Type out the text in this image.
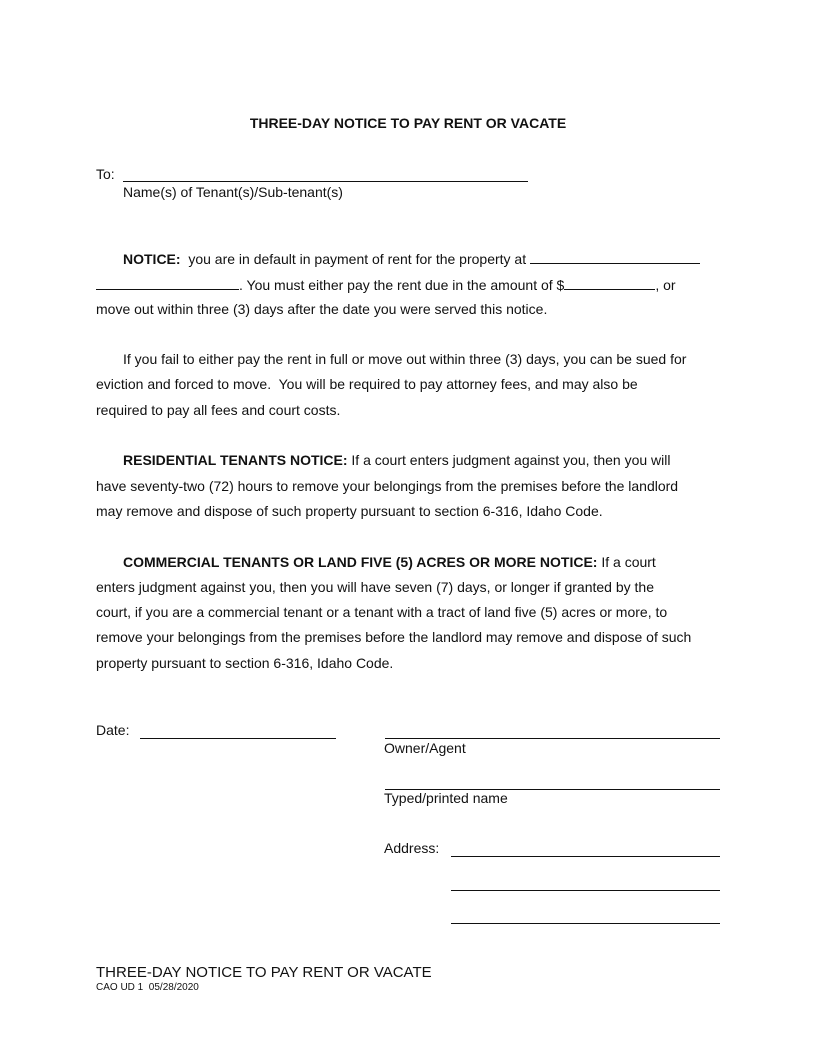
THREE-DAY NOTICE TO PAY RENT OR VACATE
To:
Name(s) of Tenant(s)/Sub-tenant(s)
NOTICE:  you are in default in payment of rent for the property at
. You must either pay the rent due in the amount of $	, or
move out within three (3) days after the date you were served this notice.
If you fail to either pay the rent in full or move out within three (3) days, you can be sued for
eviction and forced to move.  You will be required to pay attorney fees, and may also be
required to pay all fees and court costs.
RESIDENTIAL TENANTS NOTICE: If a court enters judgment against you, then you will
have seventy-two (72) hours to remove your belongings from the premises before the landlord
may remove and dispose of such property pursuant to section 6-316, Idaho Code.
COMMERCIAL TENANTS OR LAND FIVE (5) ACRES OR MORE NOTICE: If a court
enters judgment against you, then you will have seven (7) days, or longer if granted by the
court, if you are a commercial tenant or a tenant with a tract of land five (5) acres or more, to
remove your belongings from the premises before the landlord may remove and dispose of such
property pursuant to section 6-316, Idaho Code.
Date:
Owner/Agent
Typed/printed name
Address:
THREE-DAY NOTICE TO PAY RENT OR VACATE
CAO UD 1  05/28/2020
